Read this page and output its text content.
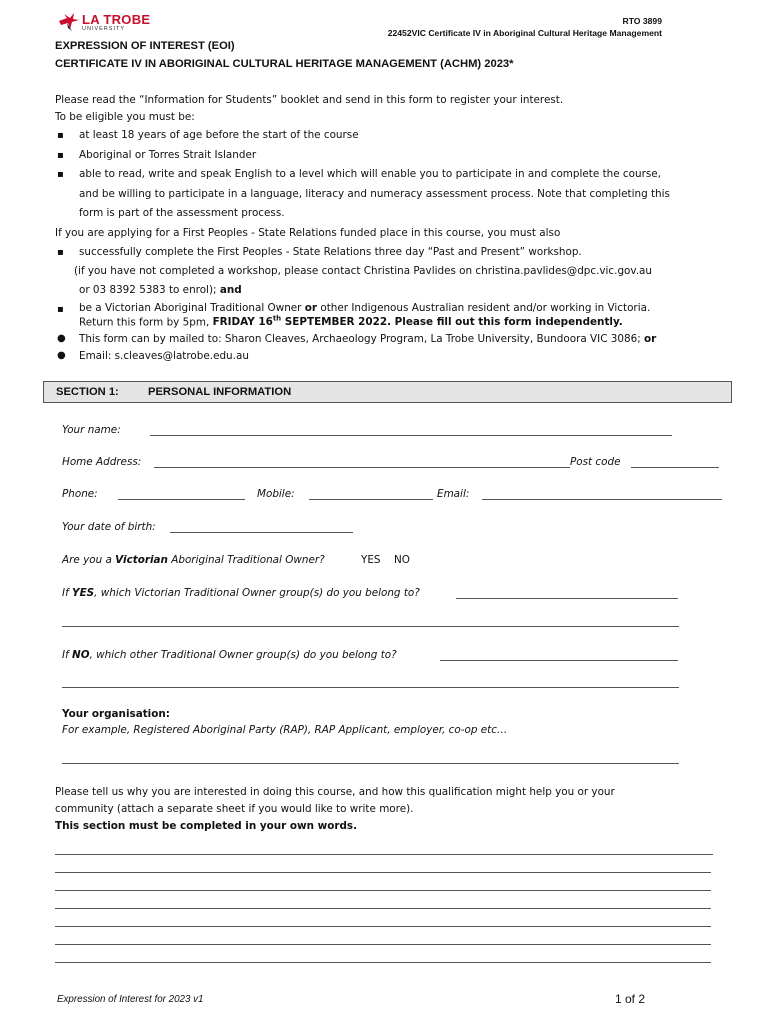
LA TROBE
UNIVERSITY
RTO 3899
22452VIC Certificate IV in Aboriginal Cultural Heritage Management
EXPRESSION OF INTEREST (EOI)
CERTIFICATE IV IN ABORIGINAL CULTURAL HERITAGE MANAGEMENT (ACHM) 2023*
Please read the “Information for Students” booklet and send in this form to register your interest.
To be eligible you must be:
▪ at least 18 years of age before the start of the course
▪ Aboriginal or Torres Strait Islander
▪ able to read, write and speak English to a level which will enable you to participate in and complete the course,
and be willing to participate in a language, literacy and numeracy assessment process. Note that completing this
form is part of the assessment process.
If you are applying for a First Peoples - State Relations funded place in this course, you must also
▪ successfully complete the First Peoples - State Relations three day “Past and Present” workshop.
(if you have not completed a workshop, please contact Christina Pavlides on christina.pavlides@dpc.vic.gov.au
or 03 8392 5383 to enrol); and
▪ be a Victorian Aboriginal Traditional Owner or other Indigenous Australian resident and/or working in Victoria.
Return this form by 5pm, FRIDAY 16th SEPTEMBER 2022. Please fill out this form independently.
● This form can by mailed to: Sharon Cleaves, Archaeology Program, La Trobe University, Bundoora VIC 3086; or
● Email: s.cleaves@latrobe.edu.au
SECTION 1:	PERSONAL INFORMATION
Your name:
Home Address:	Post code
Phone:	Mobile:	Email:
Your date of birth:
Are you a Victorian Aboriginal Traditional Owner?	YES NO
If YES, which Victorian Traditional Owner group(s) do you belong to?
If NO, which other Traditional Owner group(s) do you belong to?
Your organisation:
For example, Registered Aboriginal Party (RAP), RAP Applicant, employer, co-op etc…
Please tell us why you are interested in doing this course, and how this qualification might help you or your
community (attach a separate sheet if you would like to write more).
This section must be completed in your own words.
Expression of Interest for 2023 v1	1 of 2
